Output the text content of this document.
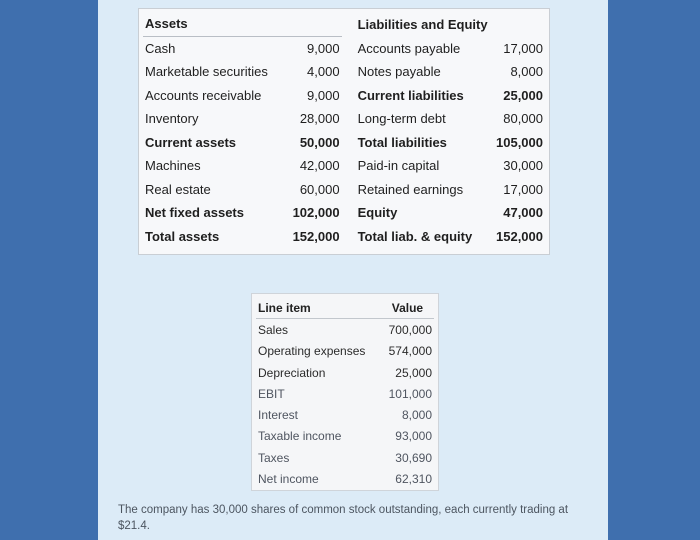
Assets			Liabilities and Equity	
Cash	9,000		Accounts payable	17,000
Marketable securities	4,000		Notes payable	8,000
Accounts receivable	9,000		Current liabilities	25,000
Inventory	28,000		Long-term debt	80,000
Current assets	50,000		Total liabilities	105,000
Machines	42,000		Paid-in capital	30,000
Real estate	60,000		Retained earnings	17,000
Net fixed assets	102,000		Equity	47,000
Total assets	152,000		Total liab. & equity	152,000
Line item	Value
Sales	700,000
Operating expenses	574,000
Depreciation	25,000
EBIT	101,000
Interest	8,000
Taxable income	93,000
Taxes	30,690
Net income	62,310
The company has 30,000 shares of common stock outstanding, each currently trading at $21.4.
